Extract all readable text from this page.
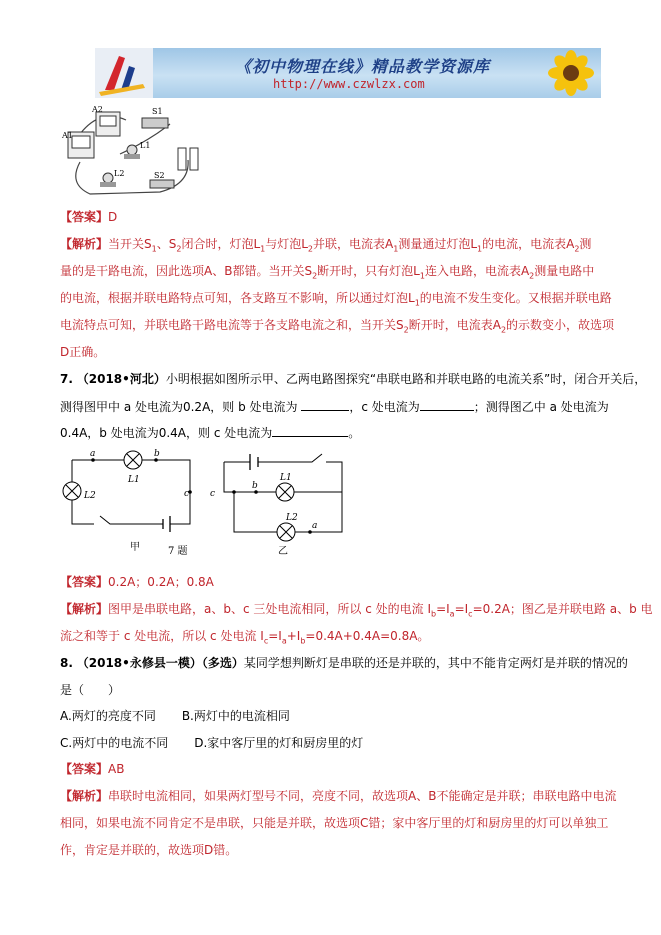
《初中物理在线》精品教学资源库
http://www.czwlzx.com
A1
A2	S1
L1
L2	S2
【答案】D
【解析】当开关$S_1$、$S_2$闭合时，灯泡$L_1$与灯泡$L_2$并联，电流表$A_1$测量通过灯泡$L_1$的电流，电流表$A_2$测
量的是干路电流，因此选项A、B都错。当开关$S_2$断开时，只有灯泡$L_1$连入电路，电流表$A_2$测量电路中
的电流，根据并联电路特点可知，各支路互不影响，所以通过灯泡$L_1$的电流不发生变化。又根据并联电路
电流特点可知，并联电路干路电流等于各支路电流之和，当开关$S_2$断开时，电流表$A_2$的示数变小，故选项
D正确。
7. （2018•河北）小明根据如图所示甲、乙两电路图探究“串联电路和并联电路的电流关系”时，闭合开关后，
测得图甲中 a 处电流为0.2A，则 b 处电流为	，c 处电流为	；测得图乙中 a 处电流为
0.4A，b 处电流为0.4A，则 c 处电流为	。
a	b
c
L1
L2	c
b
L1
L2
a
甲	7 题	乙
【答案】0.2A；0.2A；0.8A
【解析】图甲是串联电路，a、b、c 三处电流相同，所以 c 处的电流 $I_b=I_a=I_c=0.2A$；图乙是并联电路 a、b 电
流之和等于 c 处电流，所以 c 处电流 $I_c=I_a+I_b=0.4A+0.4A=0.8A$。
8. （2018•永修县一模）（多选）某同学想判断灯是串联的还是并联的，其中不能肯定两灯是并联的情况的
是（　　）
A.两灯的亮度不同 B.两灯中的电流相同
C.两灯中的电流不同 D.家中客厅里的灯和厨房里的灯
【答案】AB
【解析】串联时电流相同，如果两灯型号不同，亮度不同，故选项A、B不能确定是并联；串联电路中电流
相同，如果电流不同肯定不是串联，只能是并联，故选项C错；家中客厅里的灯和厨房里的灯可以单独工
作，肯定是并联的，故选项D错。
